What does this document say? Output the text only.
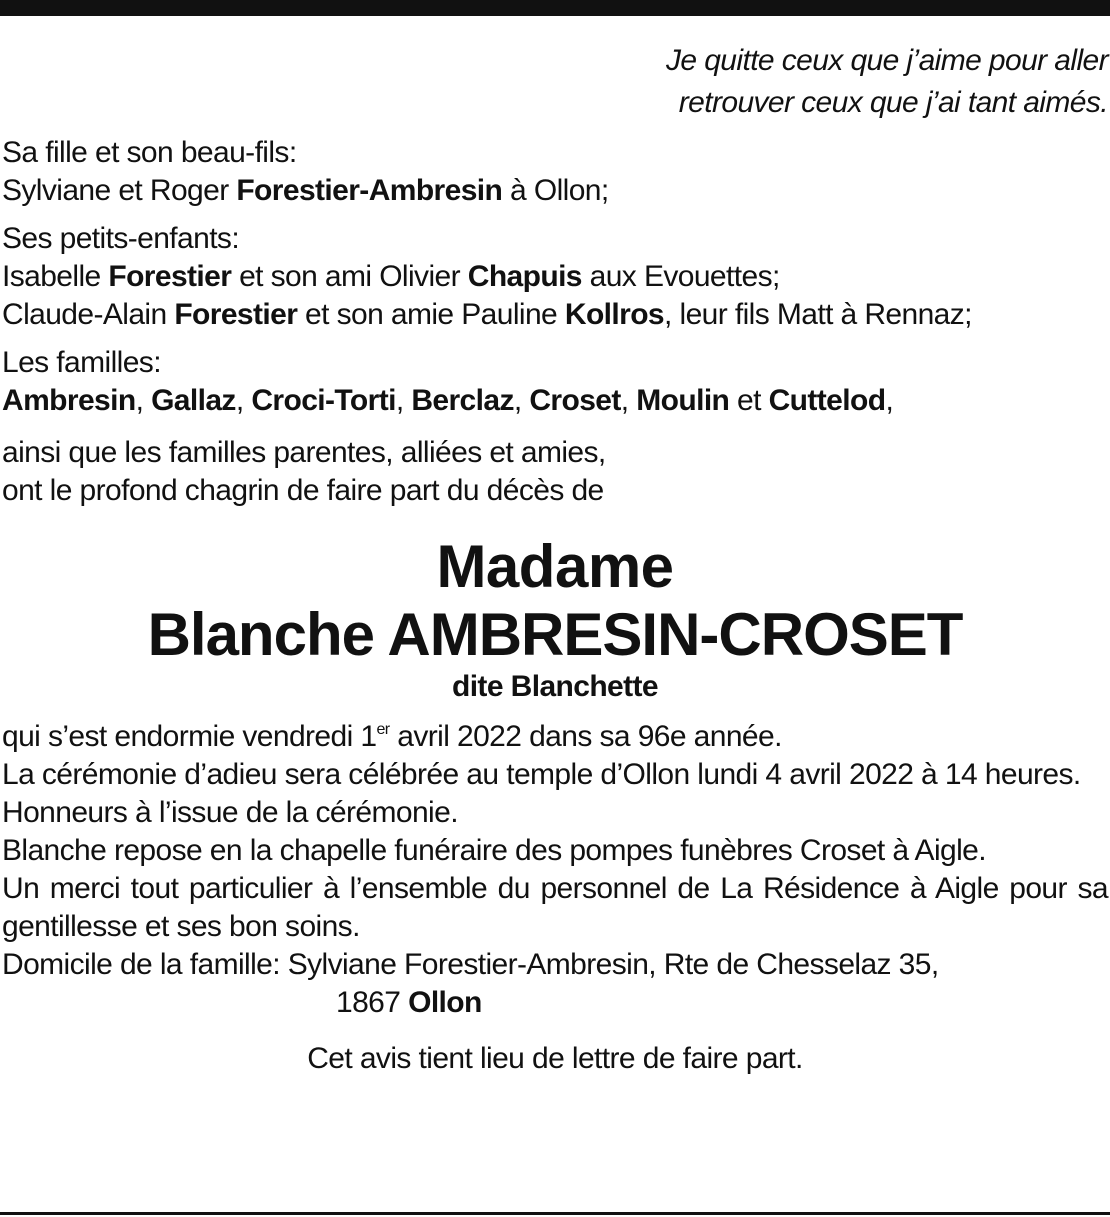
Je quitte ceux que j’aime pour aller
retrouver ceux que j’ai tant aimés.
Sa fille et son beau-fils:
Sylviane et Roger Forestier-Ambresin à Ollon;
Ses petits-enfants:
Isabelle Forestier et son ami Olivier Chapuis aux Evouettes;
Claude-Alain Forestier et son amie Pauline Kollros, leur fils Matt à Rennaz;
Les familles:
Ambresin, Gallaz, Croci-Torti, Berclaz, Croset, Moulin et Cuttelod,
ainsi que les familles parentes, alliées et amies,
ont le profond chagrin de faire part du décès de
Madame
Blanche AMBRESIN-CROSET
dite Blanchette
qui s’est endormie vendredi 1er avril 2022 dans sa 96e année.
La cérémonie d’adieu sera célébrée au temple d’Ollon lundi 4 avril 2022 à 14 heures.
Honneurs à l’issue de la cérémonie.
Blanche repose en la chapelle funéraire des pompes funèbres Croset à Aigle.
Un merci tout particulier à l’ensemble du personnel de La Résidence à Aigle pour sa gentillesse et ses bon soins.
Domicile de la famille: Sylviane Forestier-Ambresin, Rte de Chesselaz 35,
1867 Ollon
Cet avis tient lieu de lettre de faire part.
